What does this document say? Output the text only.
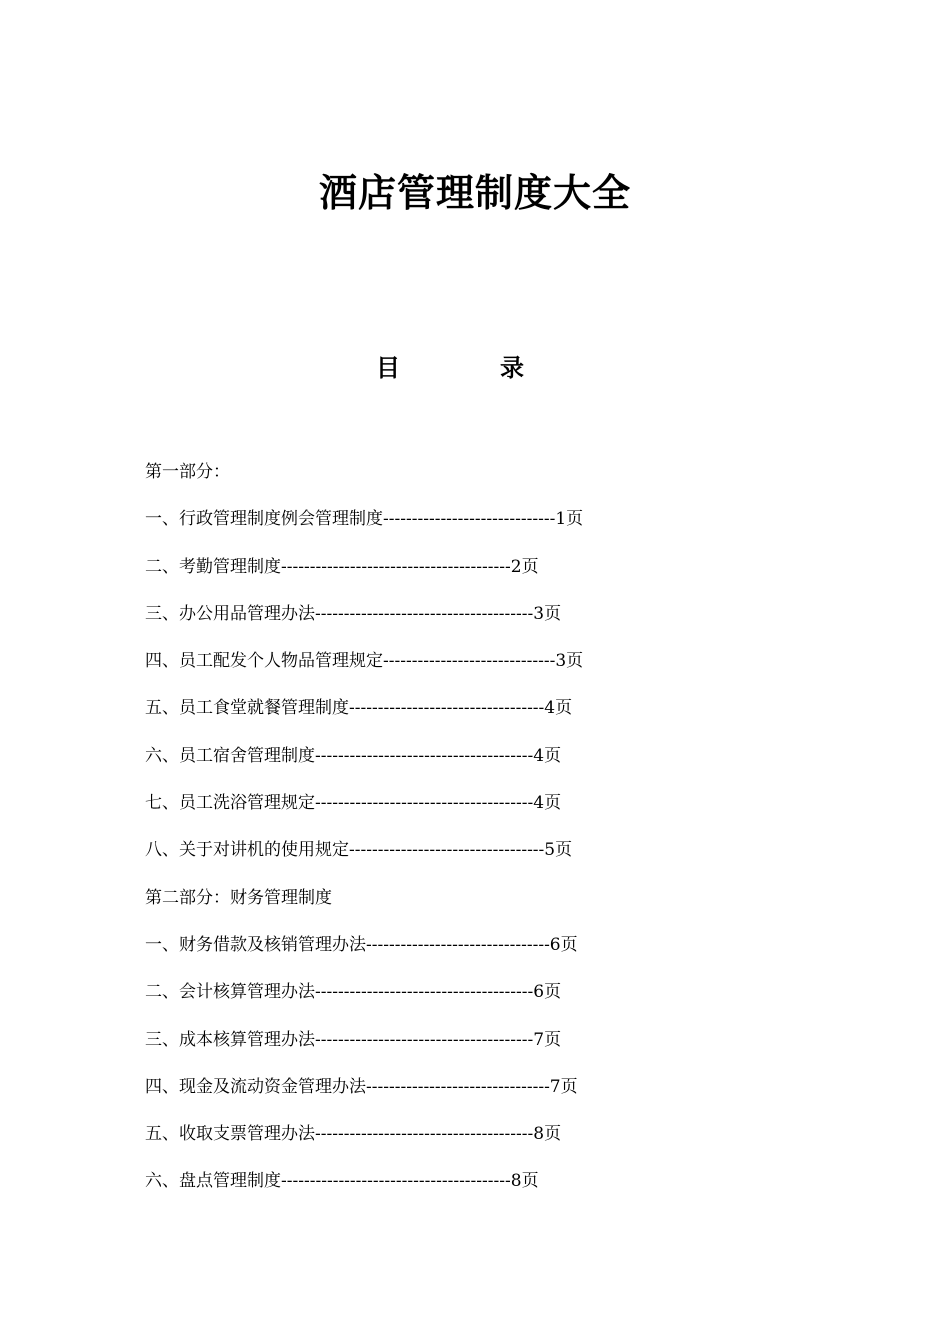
酒店管理制度大全
目	录
第一部分：
一、行政管理制度例会管理制度------------------------------1页
二、考勤管理制度----------------------------------------2页
三、办公用品管理办法--------------------------------------3页
四、员工配发个人物品管理规定------------------------------3页
五、员工食堂就餐管理制度----------------------------------4页
六、员工宿舍管理制度--------------------------------------4页
七、员工洗浴管理规定--------------------------------------4页
八、关于对讲机的使用规定----------------------------------5页
第二部分：财务管理制度
一、财务借款及核销管理办法--------------------------------6页
二、会计核算管理办法--------------------------------------6页
三、成本核算管理办法--------------------------------------7页
四、现金及流动资金管理办法--------------------------------7页
五、收取支票管理办法--------------------------------------8页
六、盘点管理制度----------------------------------------8页
